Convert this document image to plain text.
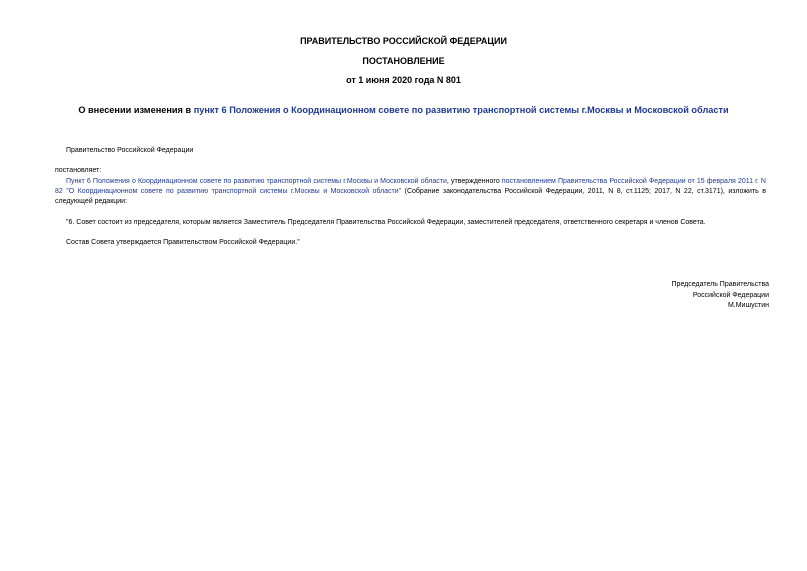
ПРАВИТЕЛЬСТВО РОССИЙСКОЙ ФЕДЕРАЦИИ
ПОСТАНОВЛЕНИЕ
от 1 июня 2020 года N 801
О внесении изменения в пункт 6 Положения о Координационном совете по развитию транспортной системы г.Москвы и Московской области
Правительство Российской Федерации
постановляет:
Пункт 6 Положения о Координационном совете по развитию транспортной системы г.Москвы и Московской области, утвержденного постановлением Правительства Российской Федерации от 15 февраля 2011 г. N 82 "О Координационном совете по развитию транспортной системы г.Москвы и Московской области" (Собрание законодательства Российской Федерации, 2011, N 8, ст.1125; 2017, N 22, ст.3171), изложить в следующей редакции:
"6. Совет состоит из председателя, которым является Заместитель Председателя Правительства Российской Федерации, заместителей председателя, ответственного секретаря и членов Совета.
Состав Совета утверждается Правительством Российской Федерации."
Председатель Правительства
Российской Федерации
М.Мишустин
